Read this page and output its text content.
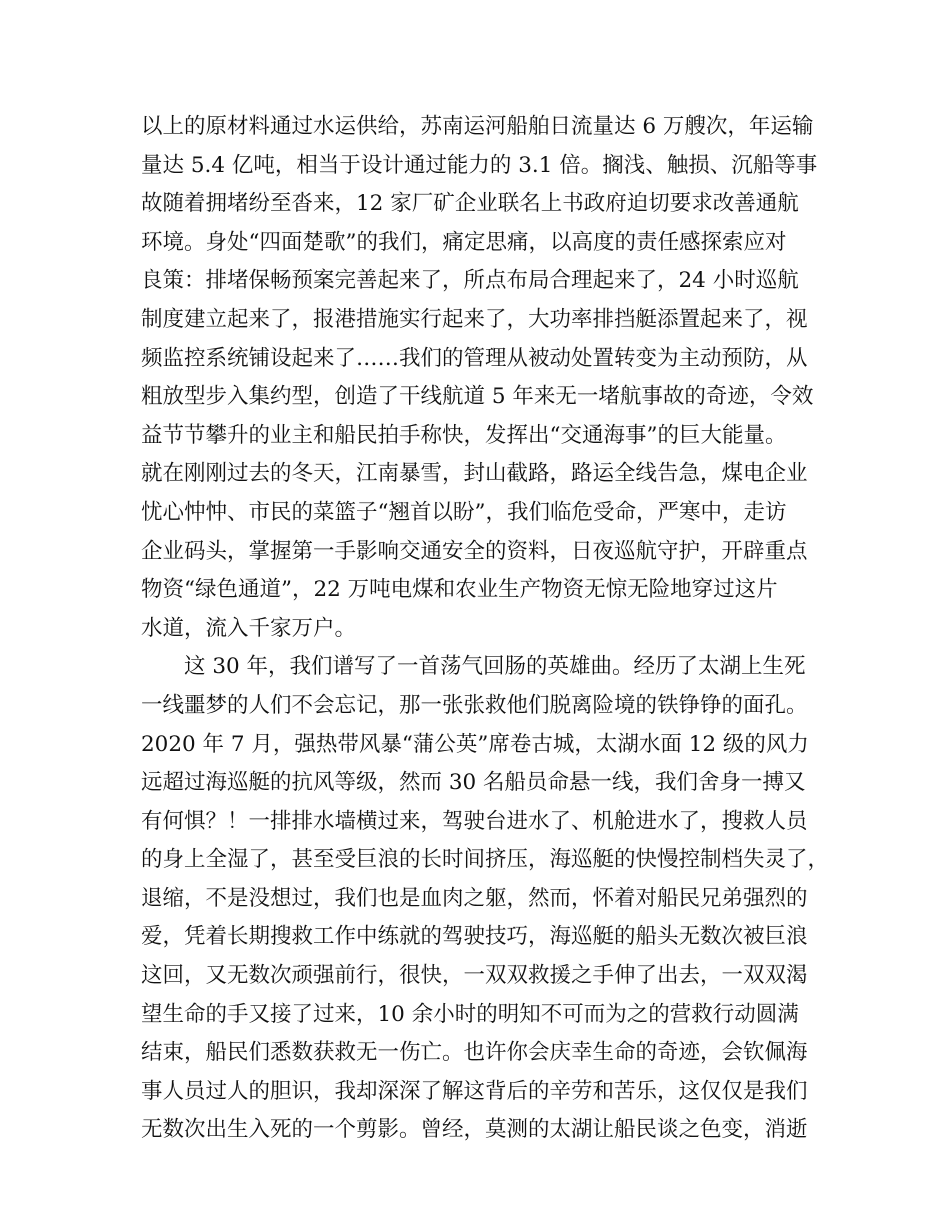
以上的原材料通过水运供给，苏南运河船舶日流量达 6 万艘次，年运输
量达 5.4 亿吨，相当于设计通过能力的 3.1 倍。搁浅、触损、沉船等事
故随着拥堵纷至沓来，12 家厂矿企业联名上书政府迫切要求改善通航
环境。身处“四面楚歌”的我们，痛定思痛，以高度的责任感探索应对
良策：排堵保畅预案完善起来了，所点布局合理起来了，24 小时巡航
制度建立起来了，报港措施实行起来了，大功率排挡艇添置起来了，视
频监控系统铺设起来了……我们的管理从被动处置转变为主动预防，从
粗放型步入集约型，创造了干线航道 5 年来无一堵航事故的奇迹，令效
益节节攀升的业主和船民拍手称快，发挥出“交通海事”的巨大能量。
就在刚刚过去的冬天，江南暴雪，封山截路，路运全线告急，煤电企业
忧心忡忡、市民的菜篮子“翘首以盼”，我们临危受命，严寒中，走访
企业码头，掌握第一手影响交通安全的资料，日夜巡航守护，开辟重点
物资“绿色通道”，22 万吨电煤和农业生产物资无惊无险地穿过这片
水道，流入千家万户。
这 30 年，我们谱写了一首荡气回肠的英雄曲。经历了太湖上生死
一线噩梦的人们不会忘记，那一张张救他们脱离险境的铁铮铮的面孔。
2020 年 7 月，强热带风暴“蒲公英”席卷古城，太湖水面 12 级的风力
远超过海巡艇的抗风等级，然而 30 名船员命悬一线，我们舍身一搏又
有何惧？！一排排水墙横过来，驾驶台进水了、机舱进水了，搜救人员
的身上全湿了，甚至受巨浪的长时间挤压，海巡艇的快慢控制档失灵了，
退缩，不是没想过，我们也是血肉之躯，然而，怀着对船民兄弟强烈的
爱，凭着长期搜救工作中练就的驾驶技巧，海巡艇的船头无数次被巨浪
这回，又无数次顽强前行，很快，一双双救援之手伸了出去，一双双渴
望生命的手又接了过来，10 余小时的明知不可而为之的营救行动圆满
结束，船民们悉数获救无一伤亡。也许你会庆幸生命的奇迹，会钦佩海
事人员过人的胆识，我却深深了解这背后的辛劳和苦乐，这仅仅是我们
无数次出生入死的一个剪影。曾经，莫测的太湖让船民谈之色变，消逝
